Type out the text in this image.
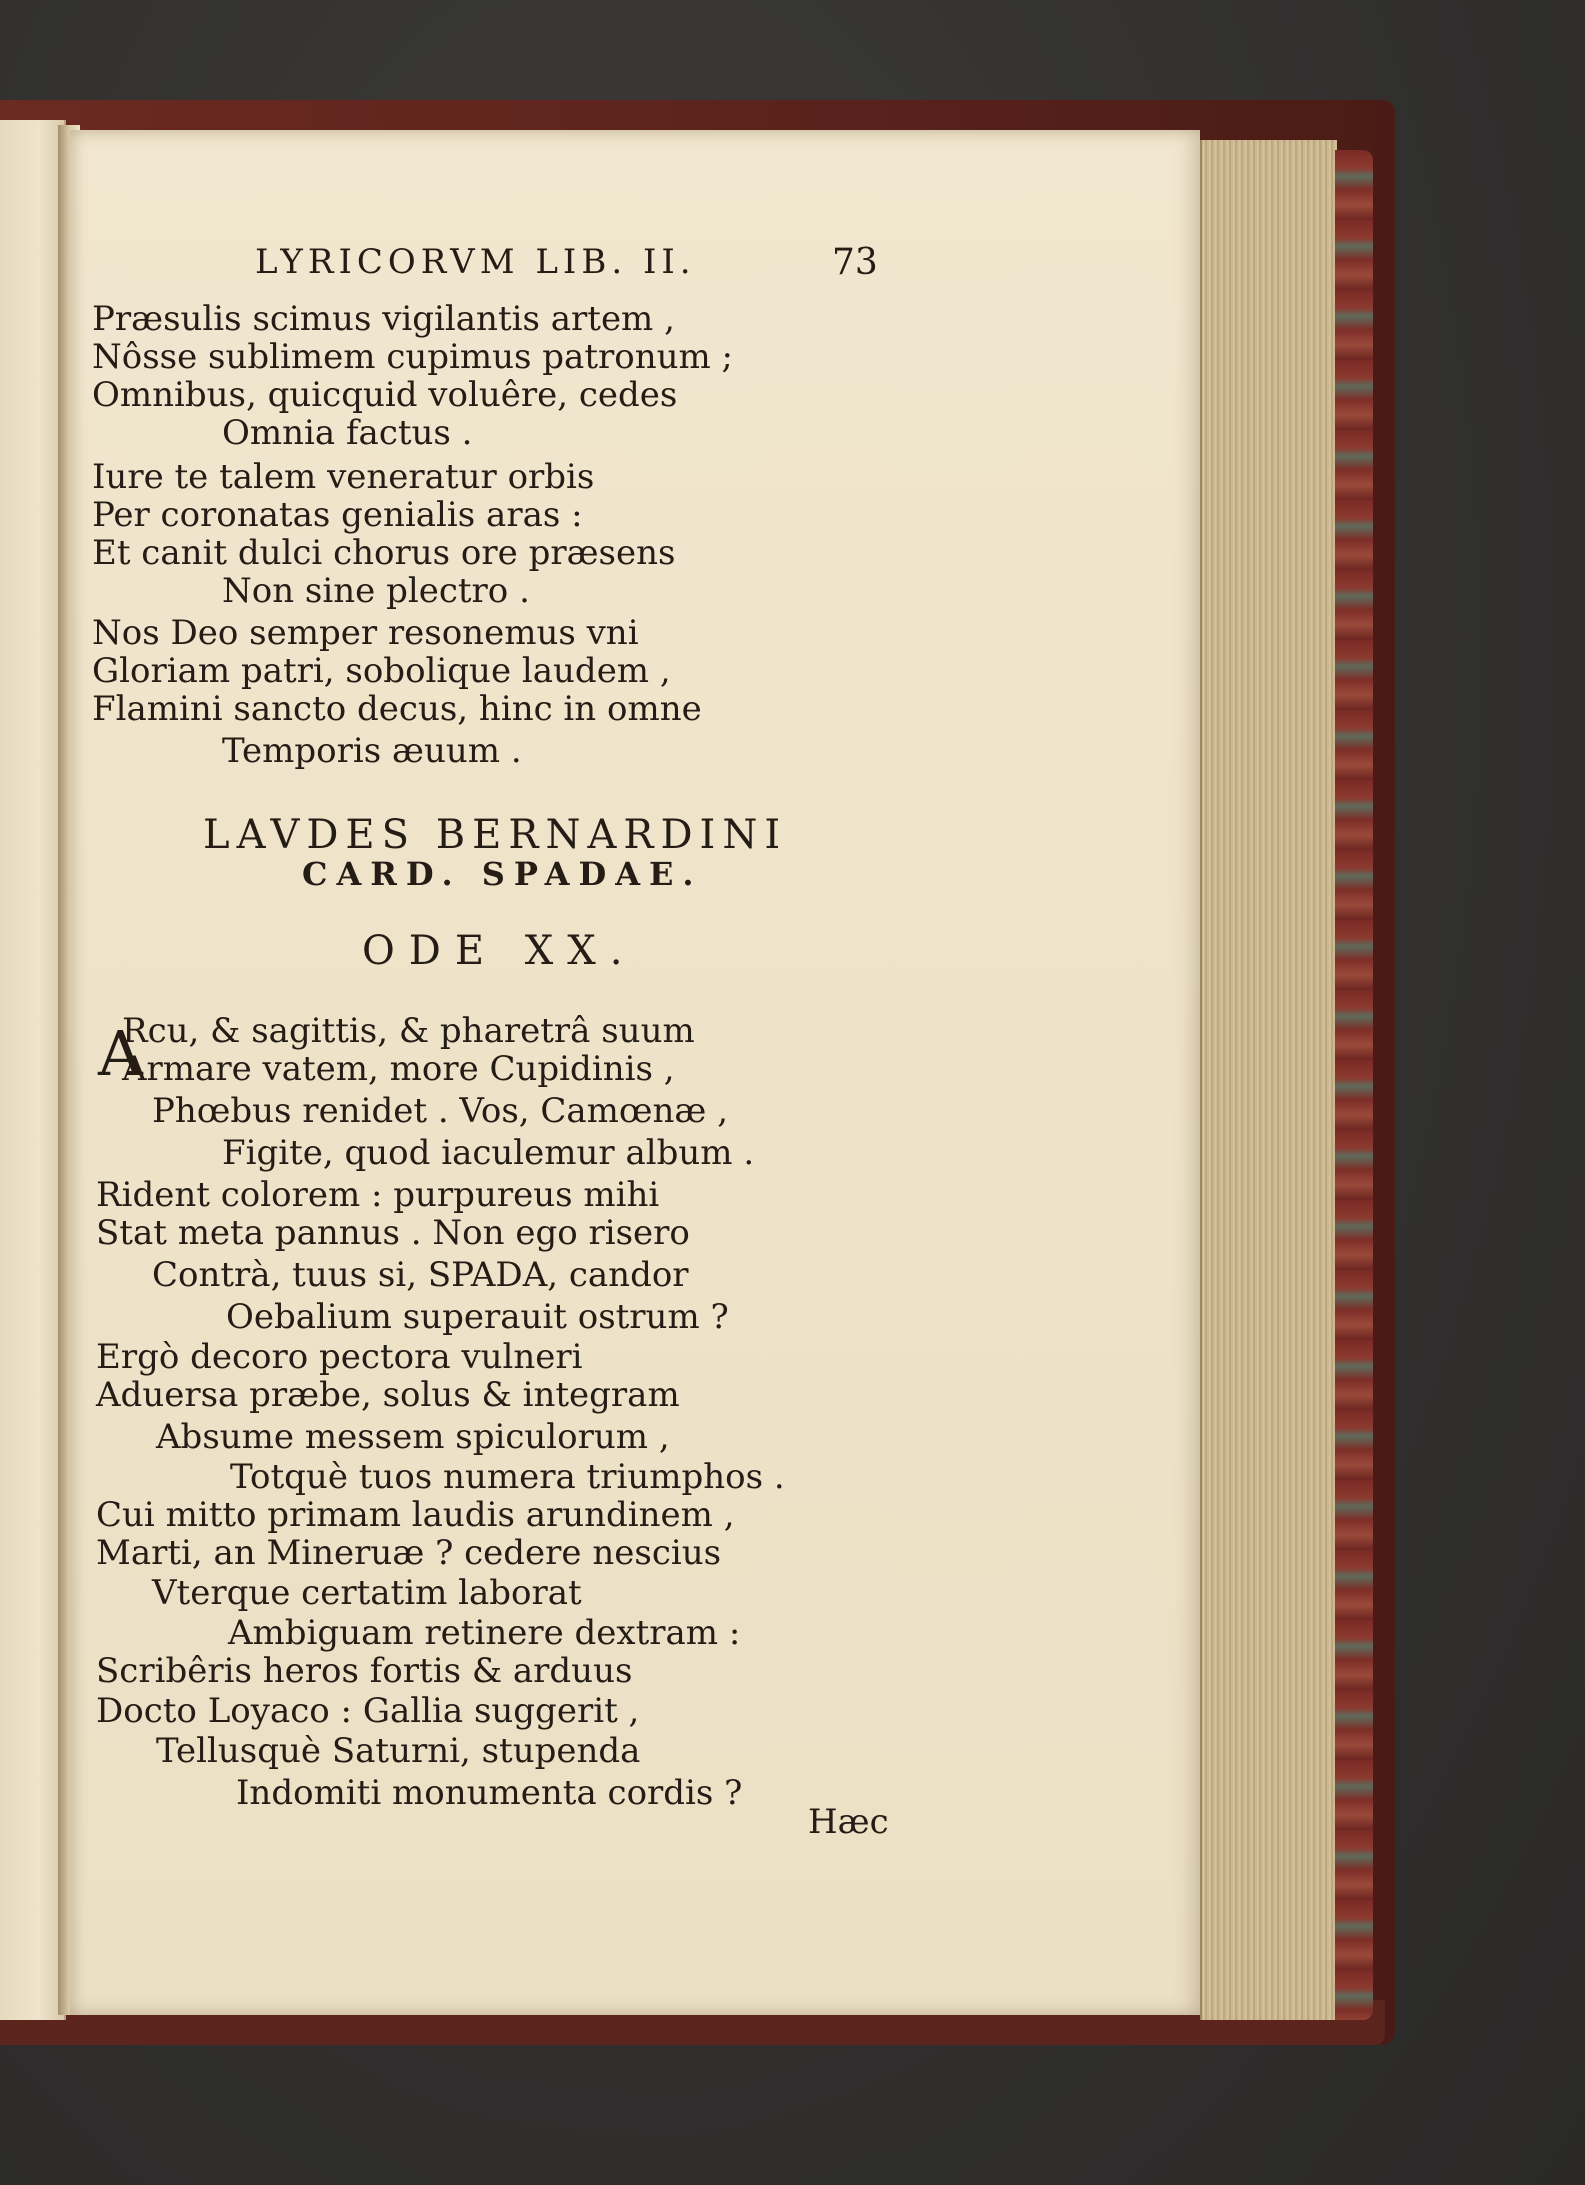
LYRICORVM LIB. II.	73
Præsulis scimus vigilantis artem ,
Nôsse sublimem cupimus patronum ;
Omnibus, quicquid voluêre, cedes
Omnia factus .
Iure te talem veneratur orbis
Per coronatas genialis aras :
Et canit dulci chorus ore præsens
Non sine plectro .
Nos Deo semper resonemus vni
Gloriam patri, sobolique laudem ,
Flamini sancto decus, hinc in omne
Temporis æuum .
LAVDES BERNARDINI
CARD. SPADAE.
ODE XX.
A
Rcu, & sagittis, & pharetrâ suum
Armare vatem, more Cupidinis ,
Phœbus renidet . Vos, Camœnæ ,
Figite, quod iaculemur album .
Rident colorem : purpureus mihi
Stat meta pannus . Non ego risero
Contrà, tuus si, SPADA, candor
Oebalium superauit ostrum ?
Ergò decoro pectora vulneri
Aduersa præbe, solus & integram
Absume messem spiculorum ,
Totquè tuos numera triumphos .
Cui mitto primam laudis arundinem ,
Marti, an Mineruæ ? cedere nescius
Vterque certatim laborat
Ambiguam retinere dextram :
Scribêris heros fortis & arduus
Docto Loyaco : Gallia suggerit ,
Tellusquè Saturni, stupenda
Indomiti monumenta cordis ?
Hæc
